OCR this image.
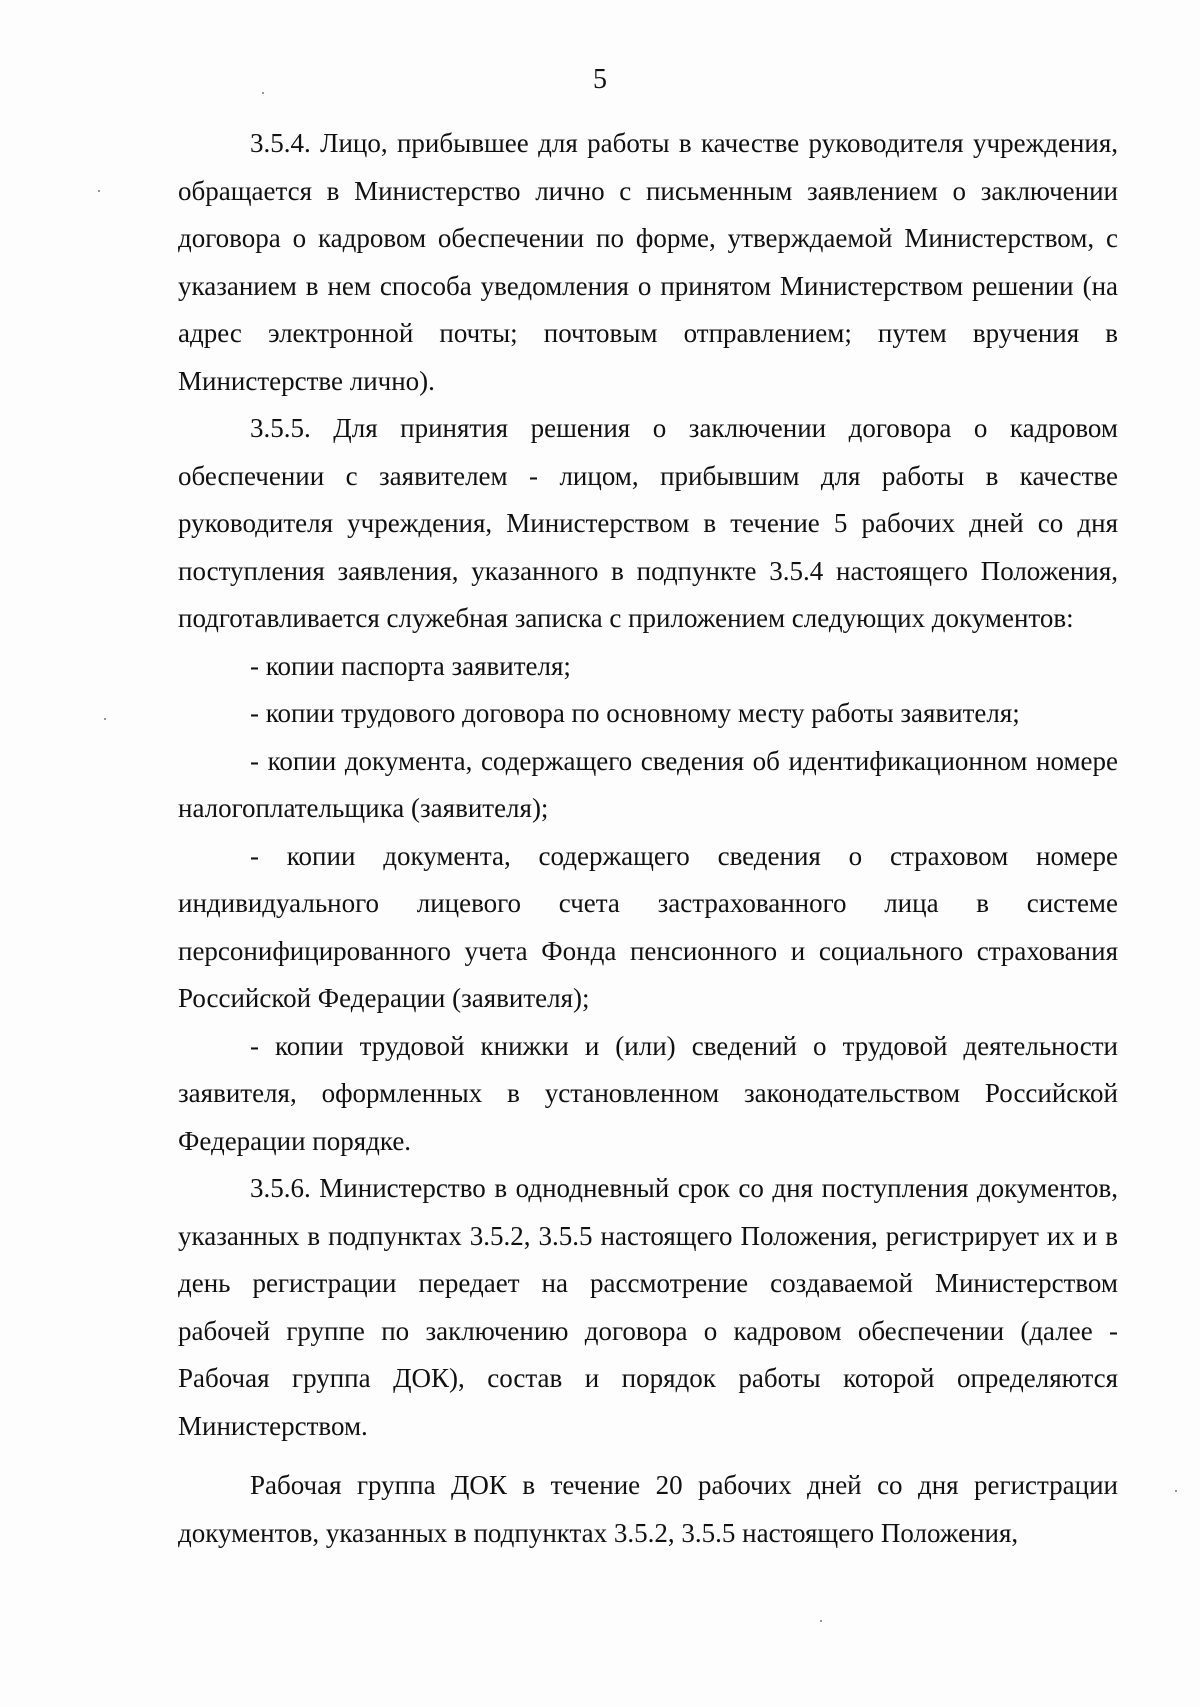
5

3.5.4. Лицо, прибывшее для работы в качестве руководителя учреждения, обращается в Министерство лично с письменным заявлением о заключении договора о кадровом обеспечении по форме, утверждаемой Министерством, с указанием в нем способа уведомления о принятом Министерством решении (на адрес электронной почты; почтовым отправлением; путем вручения в Министерстве лично).

3.5.5. Для принятия решения о заключении договора о кадровом обеспечении с заявителем - лицом, прибывшим для работы в качестве руководителя учреждения, Министерством в течение 5 рабочих дней со дня поступления заявления, указанного в подпункте 3.5.4 настоящего Положения, подготавливается служебная записка с приложением следующих документов:

- копии паспорта заявителя;

- копии трудового договора по основному месту работы заявителя;

- копии документа, содержащего сведения об идентификационном номере налогоплательщика (заявителя);

- копии документа, содержащего сведения о страховом номере индивидуального лицевого счета застрахованного лица в системе персонифицированного учета Фонда пенсионного и социального страхования Российской Федерации (заявителя);

- копии трудовой книжки и (или) сведений о трудовой деятельности заявителя, оформленных в установленном законодательством Российской Федерации порядке.

3.5.6. Министерство в однодневный срок со дня поступления документов, указанных в подпунктах 3.5.2, 3.5.5 настоящего Положения, регистрирует их и в день регистрации передает на рассмотрение создаваемой Министерством рабочей группе по заключению договора о кадровом обеспечении (далее - Рабочая группа ДОК), состав и порядок работы которой определяются Министерством.

Рабочая группа ДОК в течение 20 рабочих дней со дня регистрации документов, указанных в подпунктах 3.5.2, 3.5.5 настоящего Положения,
